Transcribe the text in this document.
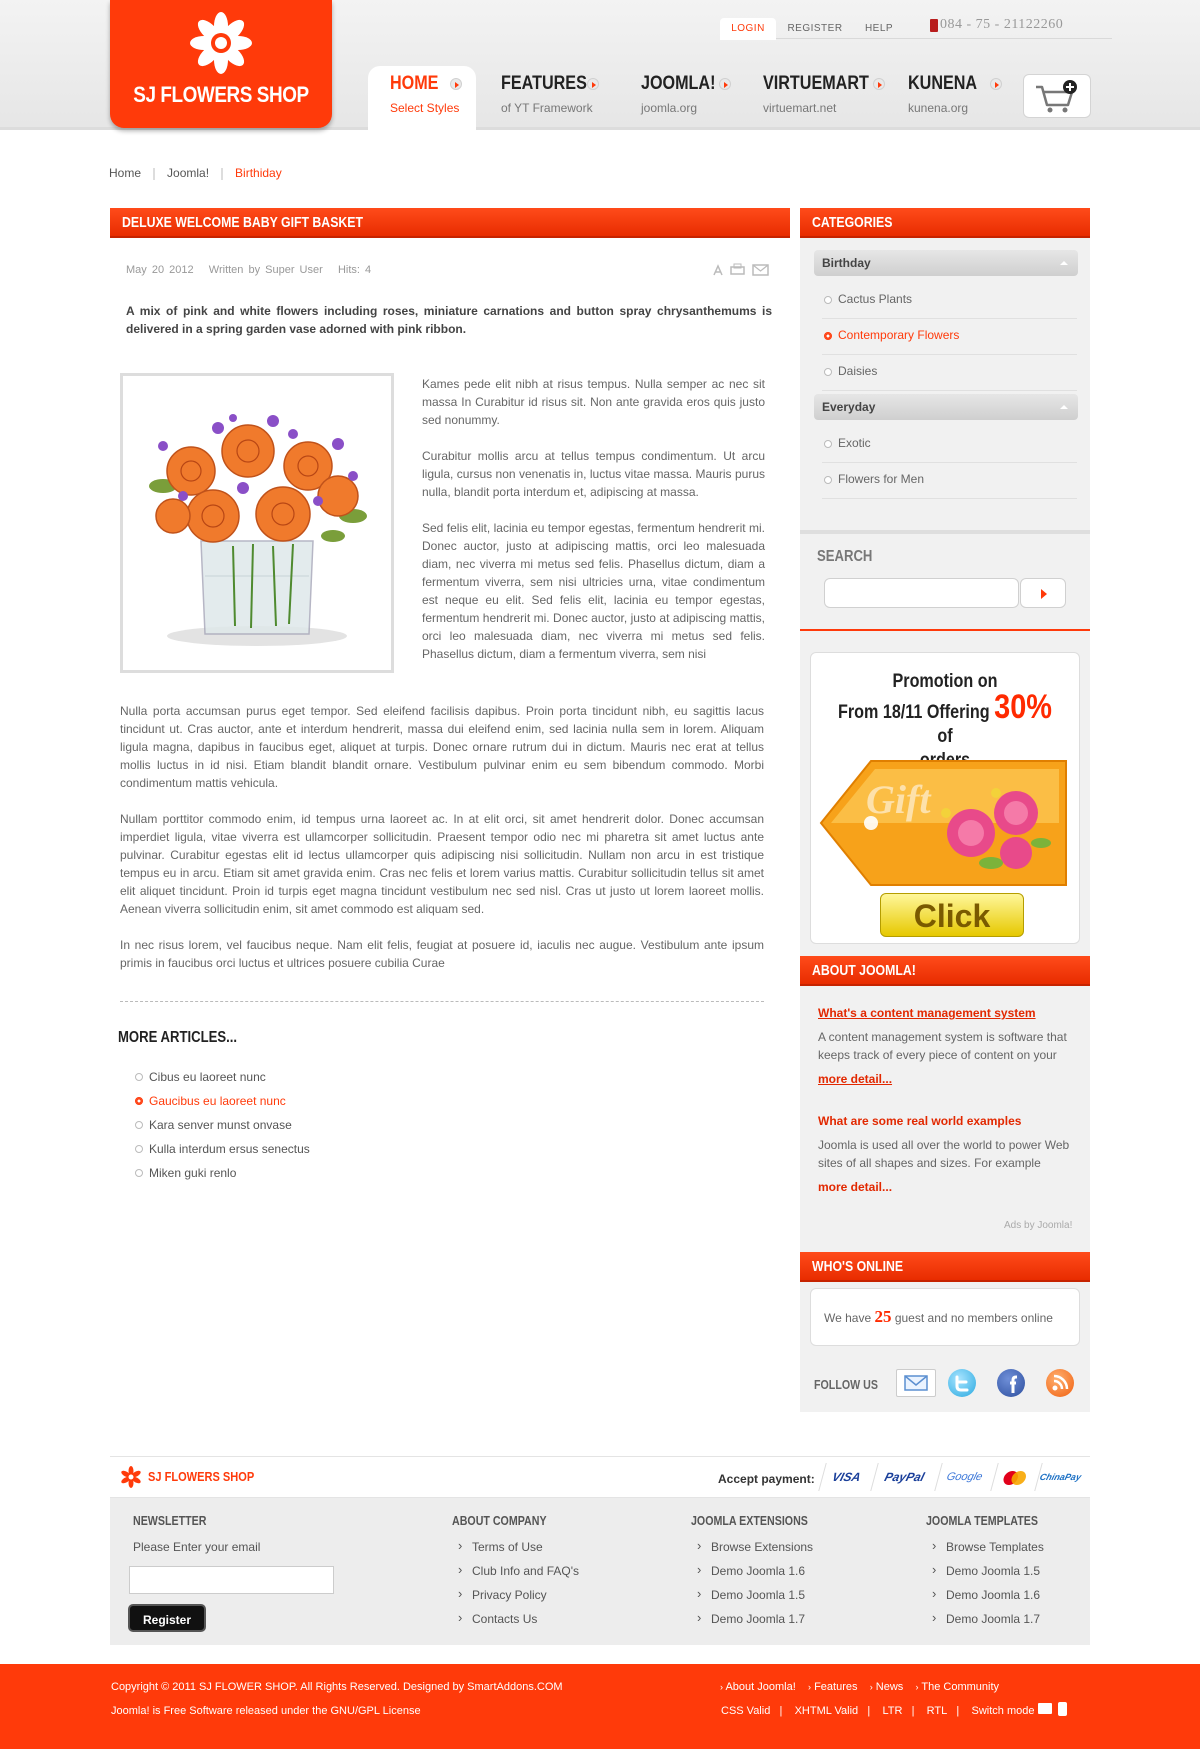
SJ FLOWERS SHOP
LOGIN	REGISTER	HELP	084 - 75 - 21122260
HOME
Select Styles
FEATURES
of YT Framework
JOOMLA!
joomla.org
VIRTUEMART
virtuemart.net
KUNENA
kunena.org
Home Joomla! Birthiday
DELUXE WELCOME BABY GIFT BASKET
May 20 2012 Written by Super User Hits: 4
A mix of pink and white flowers including roses, miniature carnations and button spray chrysanthemums is delivered in a spring garden vase adorned with pink ribbon.

Kames pede elit nibh at risus tempus. Nulla semper ac nec sit massa In Curabitur id risus sit. Non ante gravida eros quis justo sed nonummy.

Curabitur mollis arcu at tellus tempus condimentum. Ut arcu ligula, cursus non venenatis in, luctus vitae massa. Mauris purus nulla, blandit porta interdum et, adipiscing at massa.

Sed felis elit, lacinia eu tempor egestas, fermentum hendrerit mi. Donec auctor, justo at adipiscing mattis, orci leo malesuada diam, nec viverra mi metus sed felis. Phasellus dictum, diam a fermentum viverra, sem nisi ultricies urna, vitae condimentum est neque eu elit. Sed felis elit, lacinia eu tempor egestas, fermentum hendrerit mi. Donec auctor, justo at adipiscing mattis, orci leo malesuada diam, nec viverra mi metus sed felis. Phasellus dictum, diam a fermentum viverra, sem nisi

Nulla porta accumsan purus eget tempor. Sed eleifend facilisis dapibus. Proin porta tincidunt nibh, eu sagittis lacus tincidunt ut. Cras auctor, ante et interdum hendrerit, massa dui eleifend enim, sed lacinia nulla sem in lorem. Aliquam ligula magna, dapibus in faucibus eget, aliquet at turpis. Donec ornare rutrum dui in dictum. Mauris nec erat at tellus mollis luctus in id nisi. Etiam blandit blandit ornare. Vestibulum pulvinar enim eu sem bibendum commodo. Morbi condimentum mattis vehicula.

Nullam porttitor commodo enim, id tempus urna laoreet ac. In at elit orci, sit amet hendrerit dolor. Donec accumsan imperdiet ligula, vitae viverra est ullamcorper sollicitudin. Praesent tempor odio nec mi pharetra sit amet luctus ante pulvinar. Curabitur egestas elit id lectus ullamcorper quis adipiscing nisi sollicitudin. Nullam non arcu in est tristique tempus eu in arcu. Etiam sit amet gravida enim. Cras nec felis et lorem varius mattis. Curabitur sollicitudin tellus sit amet elit aliquet tincidunt. Proin id turpis eget magna tincidunt vestibulum nec sed nisl. Cras ut justo ut lorem laoreet mollis. Aenean viverra sollicitudin enim, sit amet commodo est aliquam sed.

In nec risus lorem, vel faucibus neque. Nam elit felis, feugiat at posuere id, iaculis nec augue. Vestibulum ante ipsum primis in faucibus orci luctus et ultrices posuere cubilia Curae

MORE ARTICLES...
Cibus eu laoreet nunc
Gaucibus eu laoreet nunc
Kara senver munst onvase
Kulla interdum ersus senectus
Miken guki renlo
CATEGORIES
Birthday
Cactus Plants
Contemporary Flowers
Daisies
Everyday
Exotic
Flowers for Men
SEARCH
Promotion on
From 18/11 Offering 30% of

Gift
Click
ABOUT JOOMLA!
What's a content management system
A content management system is software that keeps track of every piece of content on your
more detail...
What are some real world examples
Joomla is used all over the world to power Web sites of all shapes and sizes. For example
more detail...
Ads by Joomla!
WHO'S ONLINE
We have 25 guest and no members online
FOLLOW US
SJ FLOWERS SHOP	Accept payment:	VISA	PayPal	Google	ChinaPay
NEWSLETTER
Please Enter your email
Register
ABOUT COMPANY
› Terms of Use
› Club Info and FAQ's
› Privacy Policy
› Contacts Us
JOOMLA EXTENSIONS
› Browse Extensions
› Demo Joomla 1.6
› Demo Joomla 1.5
› Demo Joomla 1.7
JOOMLA TEMPLATES
› Browse Templates
› Demo Joomla 1.5
› Demo Joomla 1.6
› Demo Joomla 1.7
Copyright © 2011 SJ FLOWER SHOP. All Rights Reserved. Designed by SmartAddons.COM
Joomla! is Free Software released under the GNU/GPL License
› About Joomla! › Features › News › The Community
CSS Valid   |    XHTML Valid   |    LTR   |    RTL   |    Switch mode
